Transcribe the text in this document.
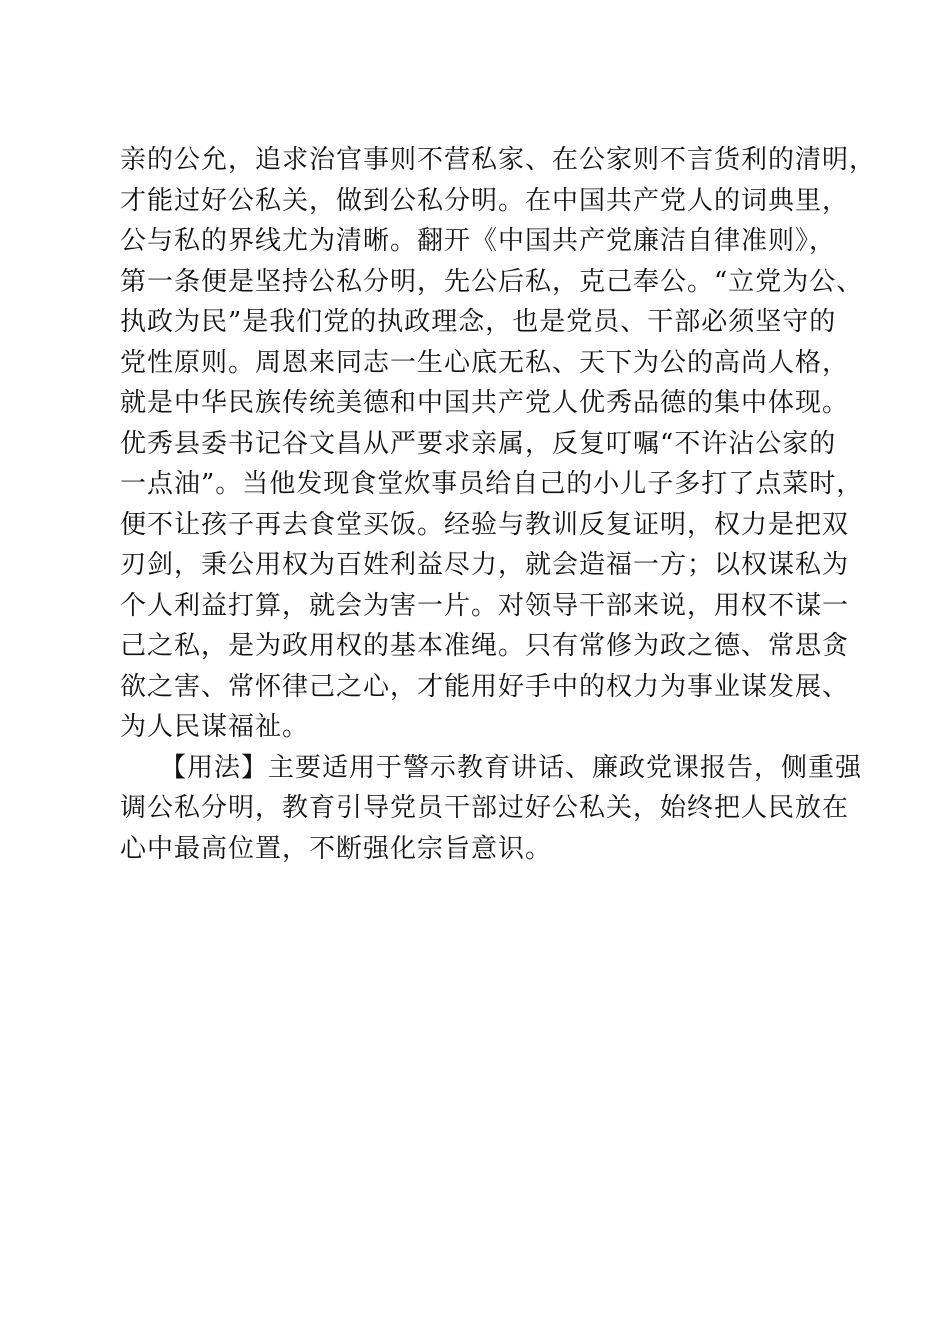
亲的公允，追求治官事则不营私家、在公家则不言货利的清明，
才能过好公私关，做到公私分明。在中国共产党人的词典里，
公与私的界线尤为清晰。翻开《中国共产党廉洁自律准则》，
第一条便是坚持公私分明，先公后私，克己奉公。“立党为公、
执政为民”是我们党的执政理念，也是党员、干部必须坚守的
党性原则。周恩来同志一生心底无私、天下为公的高尚人格，
就是中华民族传统美德和中国共产党人优秀品德的集中体现。
优秀县委书记谷文昌从严要求亲属，反复叮嘱“不许沾公家的
一点油”。当他发现食堂炊事员给自己的小儿子多打了点菜时，
便不让孩子再去食堂买饭。经验与教训反复证明，权力是把双
刃剑，秉公用权为百姓利益尽力，就会造福一方；以权谋私为
个人利益打算，就会为害一片。对领导干部来说，用权不谋一
己之私，是为政用权的基本准绳。只有常修为政之德、常思贪
欲之害、常怀律己之心，才能用好手中的权力为事业谋发展、
为人民谋福祉。
【用法】主要适用于警示教育讲话、廉政党课报告，侧重强
调公私分明，教育引导党员干部过好公私关，始终把人民放在
心中最高位置，不断强化宗旨意识。
